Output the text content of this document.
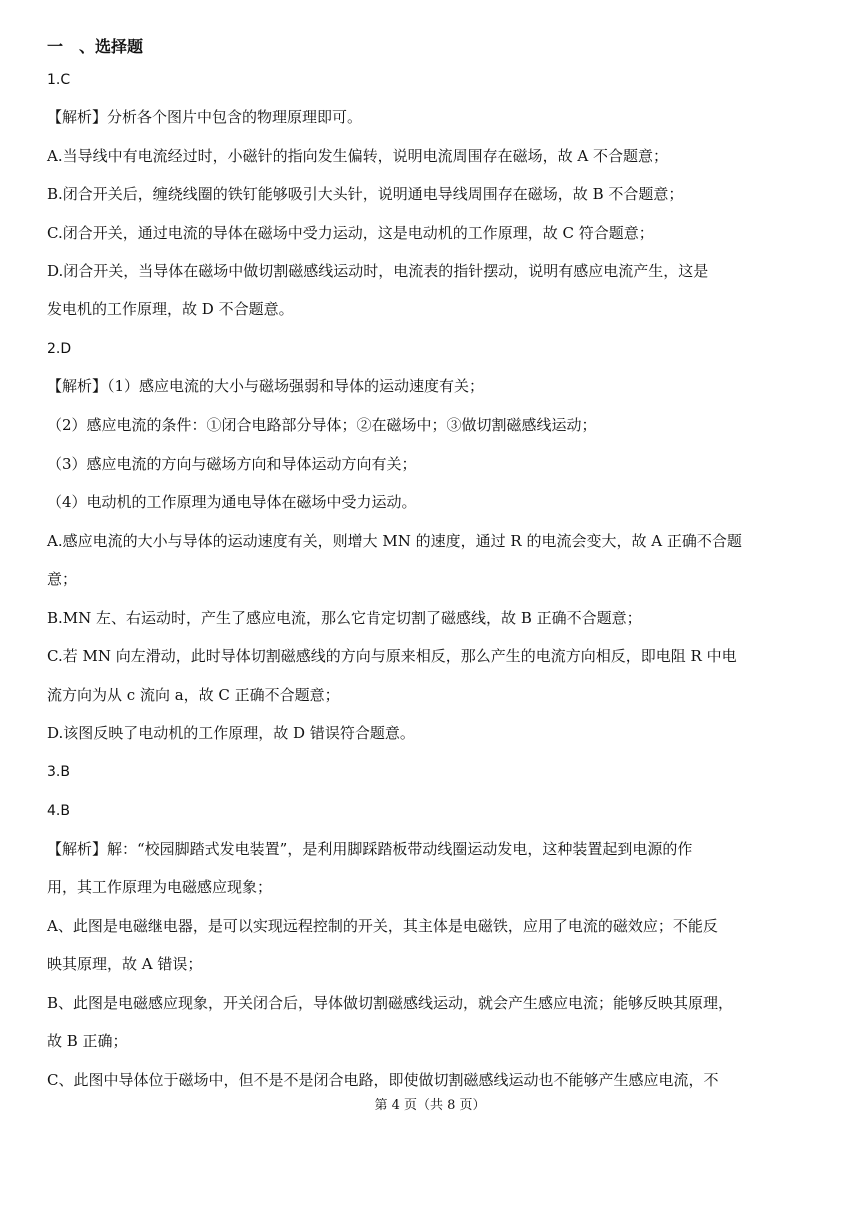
一　、选择题
1.C
【解析】分析各个图片中包含的物理原理即可。
A.当导线中有电流经过时，小磁针的指向发生偏转，说明电流周围存在磁场，故 A 不合题意；
B.闭合开关后，缠绕线圈的铁钉能够吸引大头针，说明通电导线周围存在磁场，故 B 不合题意；
C.闭合开关，通过电流的导体在磁场中受力运动，这是电动机的工作原理，故 C 符合题意；
D.闭合开关，当导体在磁场中做切割磁感线运动时，电流表的指针摆动，说明有感应电流产生，这是
发电机的工作原理，故 D 不合题意。
2.D
【解析】（1）感应电流的大小与磁场强弱和导体的运动速度有关；
（2）感应电流的条件：①闭合电路部分导体；②在磁场中；③做切割磁感线运动；
（3）感应电流的方向与磁场方向和导体运动方向有关；
（4）电动机的工作原理为通电导体在磁场中受力运动。
A.感应电流的大小与导体的运动速度有关，则增大 MN 的速度，通过 R 的电流会变大，故 A 正确不合题
意；
B.MN 左、右运动时，产生了感应电流，那么它肯定切割了磁感线，故 B 正确不合题意；
C.若 MN 向左滑动，此时导体切割磁感线的方向与原来相反，那么产生的电流方向相反，即电阻 R 中电
流方向为从 c 流向 a，故 C 正确不合题意；
D.该图反映了电动机的工作原理，故 D 错误符合题意。
3.B
4.B
【解析】解：“校园脚踏式发电装置”，是利用脚踩踏板带动线圈运动发电，这种装置起到电源的作
用，其工作原理为电磁感应现象；
A、此图是电磁继电器，是可以实现远程控制的开关，其主体是电磁铁，应用了电流的磁效应；不能反
映其原理，故 A 错误；
B、此图是电磁感应现象，开关闭合后，导体做切割磁感线运动，就会产生感应电流；能够反映其原理，
故 B 正确；
C、此图中导体位于磁场中，但不是不是闭合电路，即使做切割磁感线运动也不能够产生感应电流，不
第 4 页（共 8 页）
